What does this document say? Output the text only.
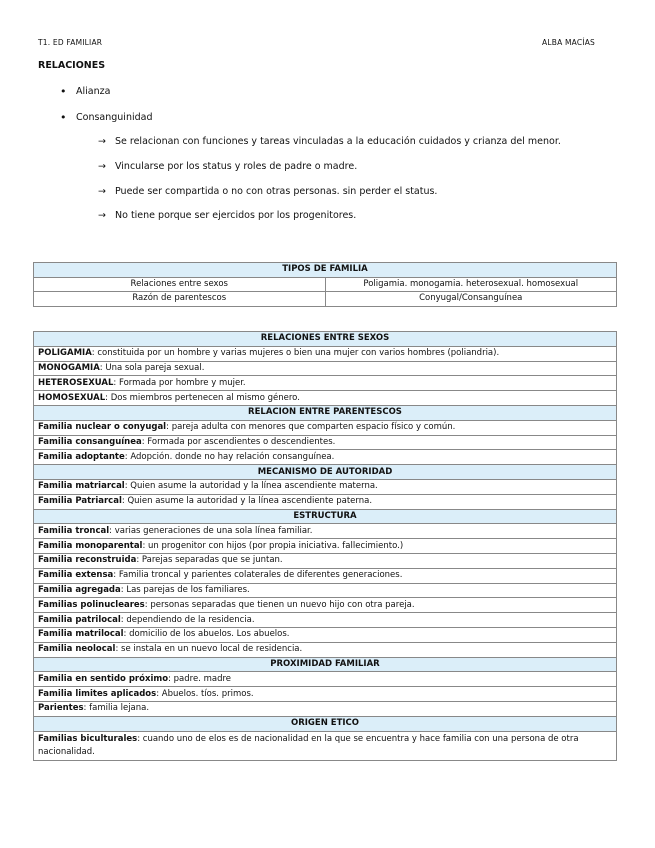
T1. ED FAMILIAR	ALBA MACÍAS
RELACIONES
• Alianza
• Consanguinidad
→ Se relacionan con funciones y tareas vinculadas a la educación cuidados y crianza del menor.
→ Vincularse por los status y roles de padre o madre.
→ Puede ser compartida o no con otras personas. sin perder el status.
→ No tiene porque ser ejercidos por los progenitores.
TIPOS DE FAMILIA	
Relaciones entre sexos	Poligamia. monogamia. heterosexual. homosexual
Razón de parentescos	Conyugal/Consanguínea
RELACIONES ENTRE SEXOS
POLIGAMIA: constituida por un hombre y varias mujeres o bien una mujer con varios hombres (poliandria).
MONOGAMIA: Una sola pareja sexual.
HETEROSEXUAL: Formada por hombre y mujer.
HOMOSEXUAL: Dos miembros pertenecen al mismo género.
RELACION ENTRE PARENTESCOS
Familia nuclear o conyugal: pareja adulta con menores que comparten espacio físico y común.
Familia consanguínea: Formada por ascendientes o descendientes.
Familia adoptante: Adopción. donde no hay relación consanguínea.
MECANISMO DE AUTORIDAD
Familia matriarcal: Quien asume la autoridad y la línea ascendiente materna.
Familia Patriarcal: Quien asume la autoridad y la línea ascendiente paterna.
ESTRUCTURA
Familia troncal: varias generaciones de una sola línea familiar.
Familia monoparental: un progenitor con hijos (por propia iniciativa. fallecimiento.)
Familia reconstruida: Parejas separadas que se juntan.
Familia extensa: Familia troncal y parientes colaterales de diferentes generaciones.
Familia agregada: Las parejas de los familiares.
Familias polinucleares: personas separadas que tienen un nuevo hijo con otra pareja.
Familia patrilocal: dependiendo de la residencia.
Familia matrilocal: domicilio de los abuelos. Los abuelos.
Familia neolocal: se instala en un nuevo local de residencia.
PROXIMIDAD FAMILIAR
Familia en sentido próximo: padre. madre
Familia limites aplicados: Abuelos. tíos. primos.
Parientes: familia lejana.
ORIGEN ETICO
Familias biculturales: cuando uno de elos es de nacionalidad en la que se encuentra y hace familia con una persona de otra nacionalidad.
